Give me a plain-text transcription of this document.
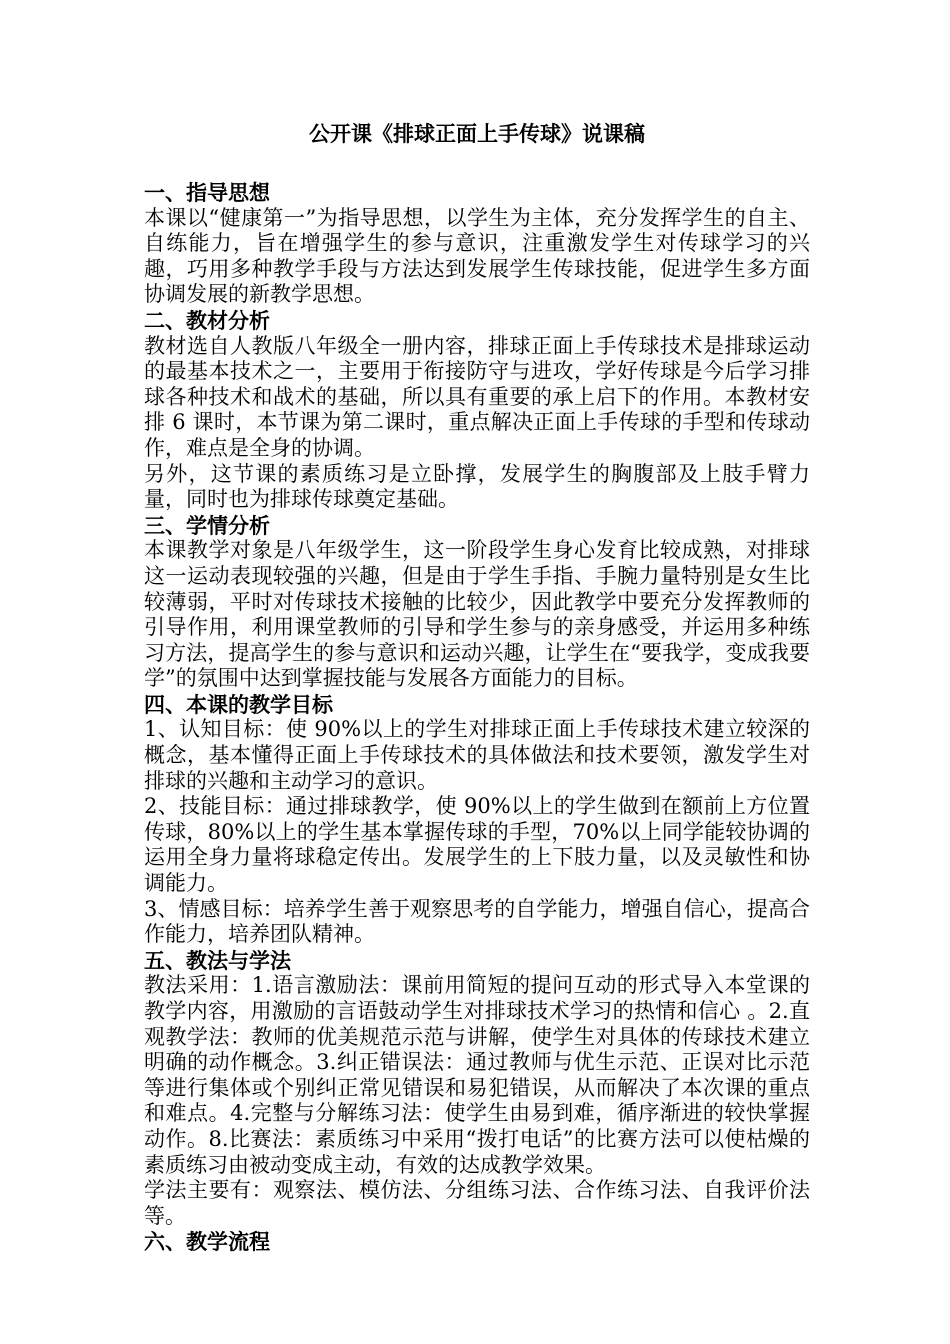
公开课《排球正面上手传球》说课稿
一、指导思想
本课以“健康第一”为指导思想，以学生为主体，充分发挥学生的自主、自练能力，旨在增强学生的参与意识，注重激发学生对传球学习的兴趣，巧用多种教学手段与方法达到发展学生传球技能，促进学生多方面协调发展的新教学思想。
二、教材分析
教材选自人教版八年级全一册内容，排球正面上手传球技术是排球运动的最基本技术之一，主要用于衔接防守与进攻，学好传球是今后学习排球各种技术和战术的基础，所以具有重要的承上启下的作用。本教材安排 6 课时，本节课为第二课时，重点解决正面上手传球的手型和传球动作，难点是全身的协调。
另外，这节课的素质练习是立卧撑，发展学生的胸腹部及上肢手臂力量，同时也为排球传球奠定基础。
三、学情分析
本课教学对象是八年级学生，这一阶段学生身心发育比较成熟，对排球这一运动表现较强的兴趣，但是由于学生手指、手腕力量特别是女生比较薄弱，平时对传球技术接触的比较少，因此教学中要充分发挥教师的引导作用，利用课堂教师的引导和学生参与的亲身感受，并运用多种练习方法，提高学生的参与意识和运动兴趣，让学生在“要我学，变成我要学”的氛围中达到掌握技能与发展各方面能力的目标。
四、本课的教学目标
1、认知目标：使 90%以上的学生对排球正面上手传球技术建立较深的概念，基本懂得正面上手传球技术的具体做法和技术要领，激发学生对排球的兴趣和主动学习的意识。
2、技能目标：通过排球教学，使 90%以上的学生做到在额前上方位置传球，80%以上的学生基本掌握传球的手型，70%以上同学能较协调的运用全身力量将球稳定传出。发展学生的上下肢力量，以及灵敏性和协调能力。
3、情感目标：培养学生善于观察思考的自学能力，增强自信心，提高合作能力，培养团队精神。
五、教法与学法
教法采用：1.语言激励法：课前用简短的提问互动的形式导入本堂课的教学内容，用激励的言语鼓动学生对排球技术学习的热情和信心 。2.直观教学法：教师的优美规范示范与讲解，使学生对具体的传球技术建立明确的动作概念。3.纠正错误法：通过教师与优生示范、正误对比示范等进行集体或个别纠正常见错误和易犯错误，从而解决了本次课的重点和难点。4.完整与分解练习法：使学生由易到难，循序渐进的较快掌握动作。8.比赛法：素质练习中采用“拨打电话”的比赛方法可以使枯燥的素质练习由被动变成主动，有效的达成教学效果。
学法主要有：观察法、模仿法、分组练习法、合作练习法、自我评价法等。
六、教学流程
